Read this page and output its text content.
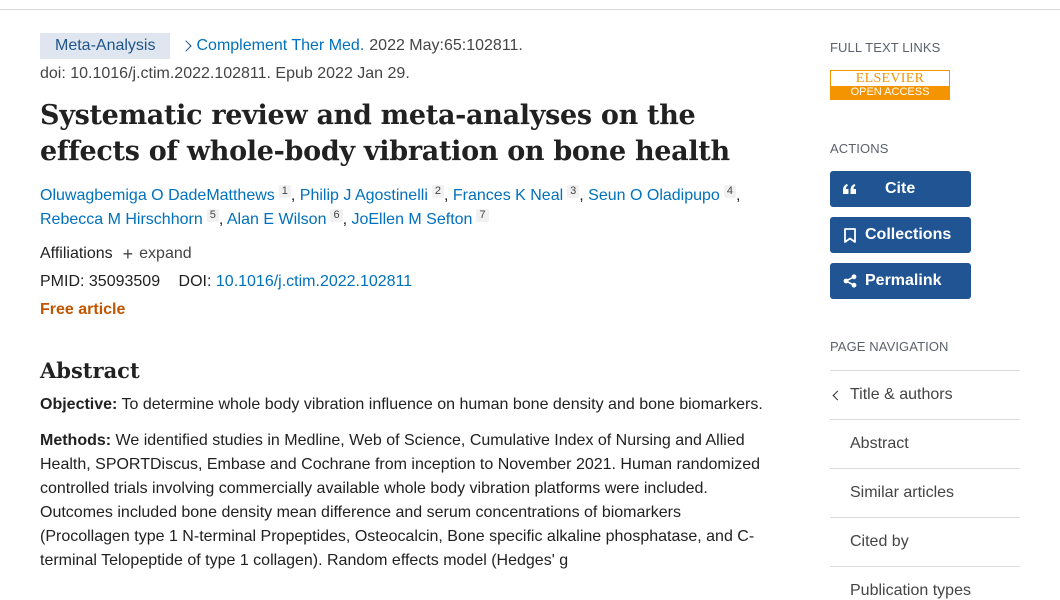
Meta-Analysis	Complement Ther Med. 2022 May:65:102811.
doi: 10.1016/j.ctim.2022.102811. Epub 2022 Jan 29.
Systematic review and meta-analyses on the effects of whole-body vibration on bone health
Oluwagbemiga O DadeMatthews 1 , Philip J Agostinelli 2 , Frances K Neal 3 , Seun O Oladipupo 4 ,
Rebecca M Hirschhorn 5 , Alan E Wilson 6 , JoEllen M Sefton 7
Affiliations + expand
PMID: 35093509 DOI: 10.1016/j.ctim.2022.102811
Free article
Abstract

Objective: To determine whole body vibration influence on human bone density and bone biomarkers.

Methods: We identified studies in Medline, Web of Science, Cumulative Index of Nursing and Allied Health, SPORTDiscus, Embase and Cochrane from inception to November 2021. Human randomized controlled trials involving commercially available whole body vibration platforms were included. Outcomes included bone density mean difference and serum concentrations of biomarkers (Procollagen type 1 N-terminal Propeptides, Osteocalcin, Bone specific alkaline phosphatase, and C-terminal Telopeptide of type 1 collagen). Random effects model (Hedges' g

FULL TEXT LINKS
ELSEVIER
OPEN ACCESS
ACTIONS
Cite
Collections
Permalink
PAGE NAVIGATION
Title & authors
Abstract
Similar articles
Cited by
Publication types
